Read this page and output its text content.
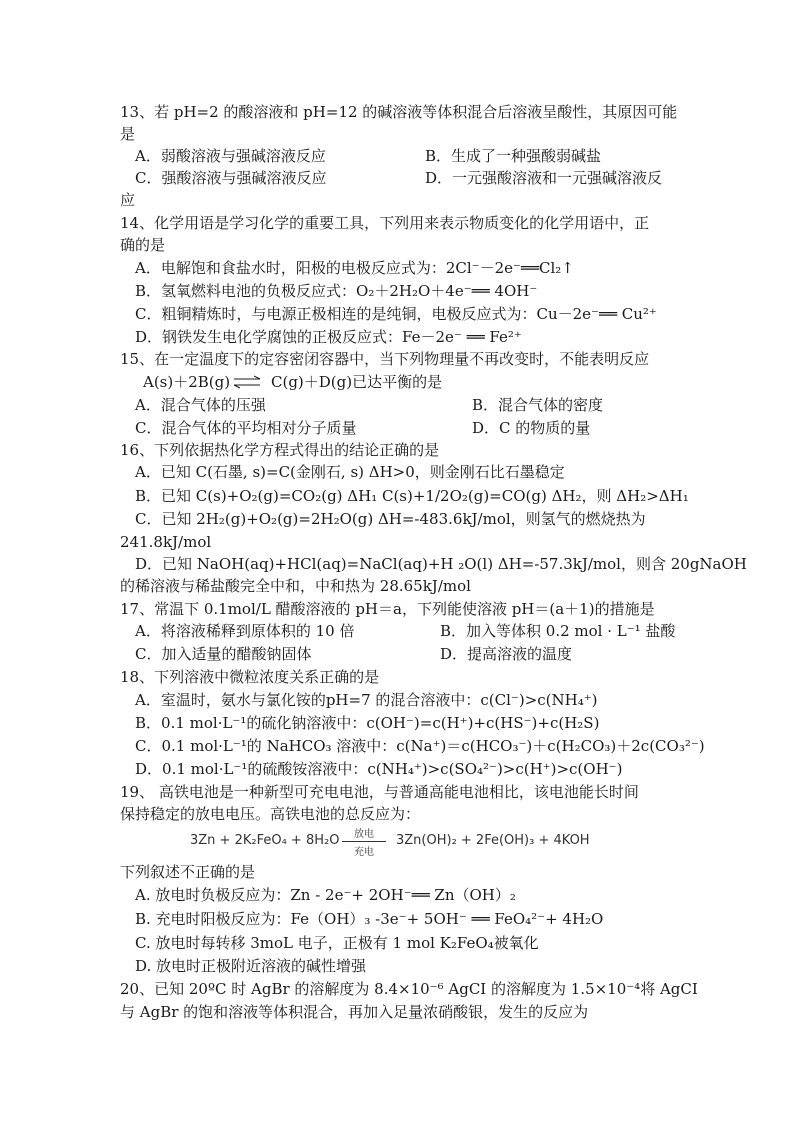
13、若 pH=2 的酸溶液和 pH=12 的碱溶液等体积混合后溶液呈酸性，其原因可能
是
A．弱酸溶液与强碱溶液反应	B．生成了一种强酸弱碱盐
C．强酸溶液与强碱溶液反应	D．一元强酸溶液和一元强碱溶液反
应
14、化学用语是学习化学的重要工具，下列用来表示物质变化的化学用语中，正
确的是
A．电解饱和食盐水时，阳极的电极反应式为：2Cl⁻－2e⁻══Cl₂↑
B．氢氧燃料电池的负极反应式：O₂＋2H₂O＋4e⁻══ 4OH⁻
C．粗铜精炼时，与电源正极相连的是纯铜，电极反应式为：Cu－2e⁻══ Cu²⁺
D．钢铁发生电化学腐蚀的正极反应式：Fe－2e⁻ ══ Fe²⁺
15、在一定温度下的定容密闭容器中，当下列物理量不再改变时，不能表明反应
A(s)＋2B(g) ⇌ C(g)＋D(g)已达平衡的是
A．混合气体的压强	B．混合气体的密度
C．混合气体的平均相对分子质量	D．C 的物质的量
16、下列依据热化学方程式得出的结论正确的是
A．已知 C(石墨, s)=C(金刚石, s) ΔH>0，则金刚石比石墨稳定
B．已知 C(s)+O₂(g)=CO₂(g) ΔH₁ C(s)+1/2O₂(g)=CO(g) ΔH₂，则 ΔH₂>ΔH₁
C．已知 2H₂(g)+O₂(g)=2H₂O(g) ΔH=-483.6kJ/mol，则氢气的燃烧热为
241.8kJ/mol
D．已知 NaOH(aq)+HCl(aq)=NaCl(aq)+H ₂O(l) ΔH=-57.3kJ/mol，则含 20gNaOH
的稀溶液与稀盐酸完全中和，中和热为 28.65kJ/mol
17、常温下 0.1mol/L 醋酸溶液的 pH＝a，下列能使溶液 pH＝(a＋1)的措施是
A．将溶液稀释到原体积的 10 倍	B．加入等体积 0.2 mol · L⁻¹ 盐酸
C．加入适量的醋酸钠固体	D．提高溶液的温度
18、下列溶液中微粒浓度关系正确的是
A．室温时，氨水与氯化铵的pH=7 的混合溶液中：c(Cl⁻)>c(NH₄⁺)
B．0.1 mol·L⁻¹的硫化钠溶液中：c(OH⁻)=c(H⁺)+c(HS⁻)+c(H₂S)
C．0.1 mol·L⁻¹的 NaHCO₃ 溶液中：c(Na⁺)＝c(HCO₃⁻)＋c(H₂CO₃)＋2c(CO₃²⁻)
D．0.1 mol·L⁻¹的硫酸铵溶液中：c(NH₄⁺)>c(SO₄²⁻)>c(H⁺)>c(OH⁻)
19、 高铁电池是一种新型可充电电池，与普通高能电池相比，该电池能长时间
保持稳定的放电电压。高铁电池的总反应为：
3Zn + 2K₂FeO₄ + 8H₂O 放电
充电
3Zn(OH)₂ + 2Fe(OH)₃ + 4KOH
下列叙述不正确的是
A. 放电时负极反应为：Zn - 2e⁻+ 2OH⁻══ Zn（OH）₂
B. 充电时阳极反应为：Fe（OH）₃ -3e⁻+ 5OH⁻ ══ FeO₄²⁻+ 4H₂O
C. 放电时每转移 3moL 电子，正极有 1 mol K₂FeO₄被氧化
D. 放电时正极附近溶液的碱性增强
20、已知 20ºC 时 AgBr 的溶解度为 8.4×10⁻⁶ AgCI 的溶解度为 1.5×10⁻⁴将 AgCI
与 AgBr 的饱和溶液等体积混合，再加入足量浓硝酸银，发生的反应为
